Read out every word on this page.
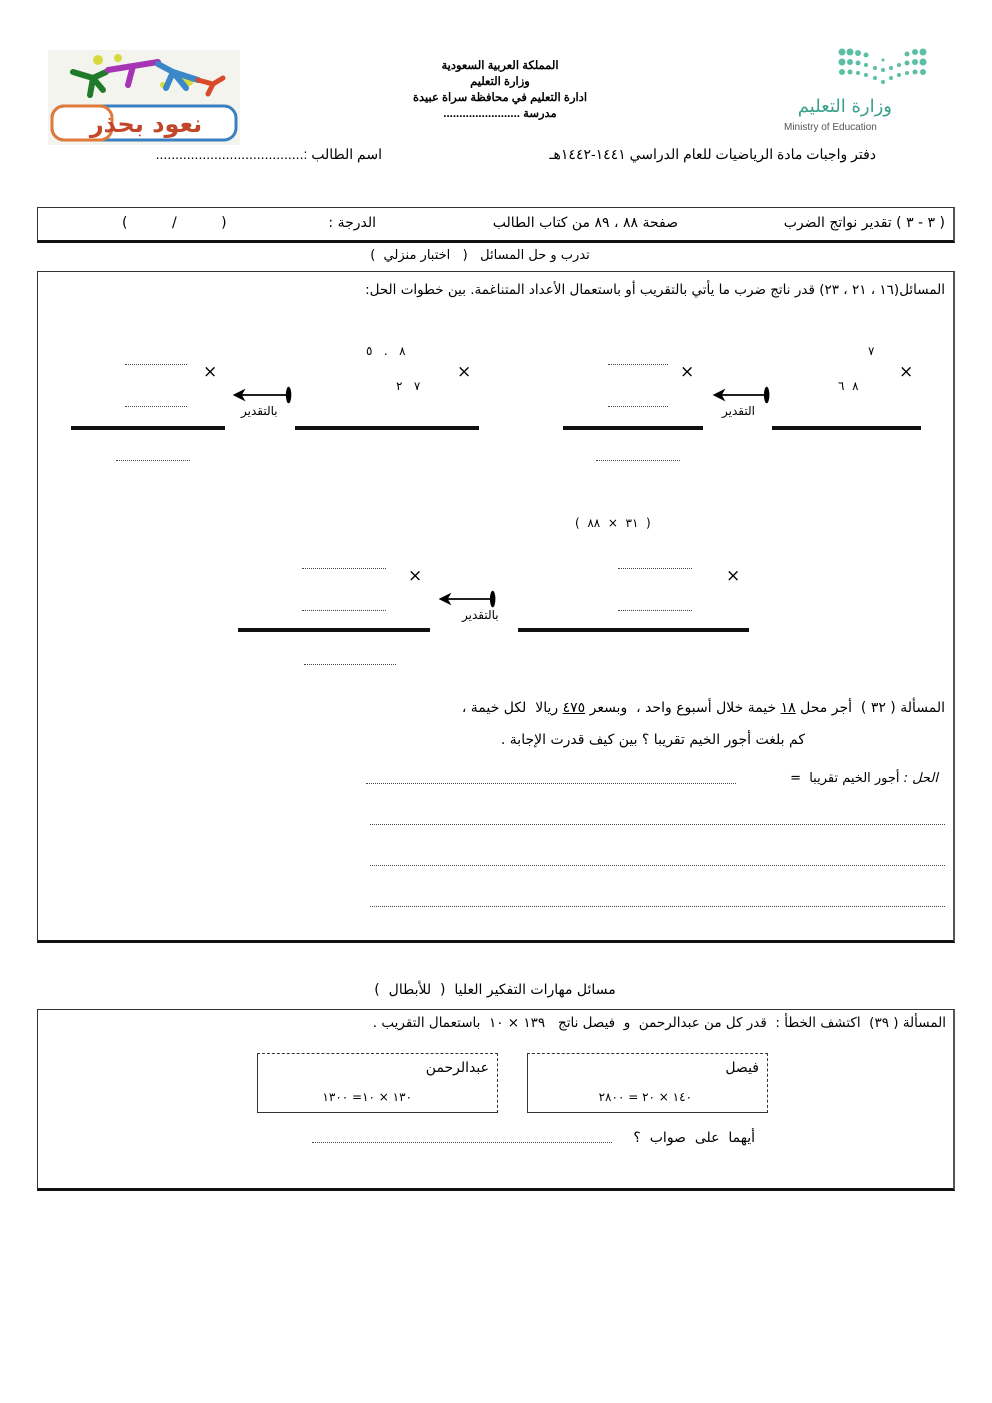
نعود بحذر
المملكة العربية السعودية
وزارة التعليم
ادارة التعليم في محافظة سراة عبيدة
مدرسة ........................	وزارة التعليم
Ministry of Education
دفتر واجبات مادة الرياضيات للعام الدراسي ١٤٤١-١٤٤٢هـ
اسم الطالب :......................................
( ٣ - ٣ ) تقدير نواتج الضرب
صفحة ٨٨ ، ٨٩ من كتاب الطالب
الدرجة :
(          /          )
تدرب و حل المسائل   (   اختبار منزلي  )
المسائل(١٦ ، ٢١ ، ٢٣) قدر ناتج ضرب ما يأتي بالتقريب أو باستعمال الأعداد المتناغمة. بين خطوات الحل:
٧
×
٨  ٦
التقدير
×
٨   .   ٥
×
٧   ٢
بالتقدير
×
(  ٣١  ×  ٨٨  )
×
بالتقدير
×
المسألة ( ٣٢ )  أجر محل ١٨ خيمة خلال أسبوع واحد ،  وبسعر ٤٧٥ ريالا  لكل خيمة ،
كم بلغت أجور الخيم تقريبا ؟ بين كيف قدرت الإجابة .
الحل : أجور الخيم تقريبا  =
مسائل مهارات التفكير العليا  (  للأبطال  )
المسألة ( ٣٩)  اكتشف الخطأ :  قدر كل من عبدالرحمن  و  فيصل ناتج   ١٣٩ × ١٠  باستعمال التقريب .
فيصل
١٤٠ × ٢٠ = ٢٨٠٠
عبدالرحمن
١٣٠ × ١٠= ١٣٠٠
أيهما  على  صواب  ؟
